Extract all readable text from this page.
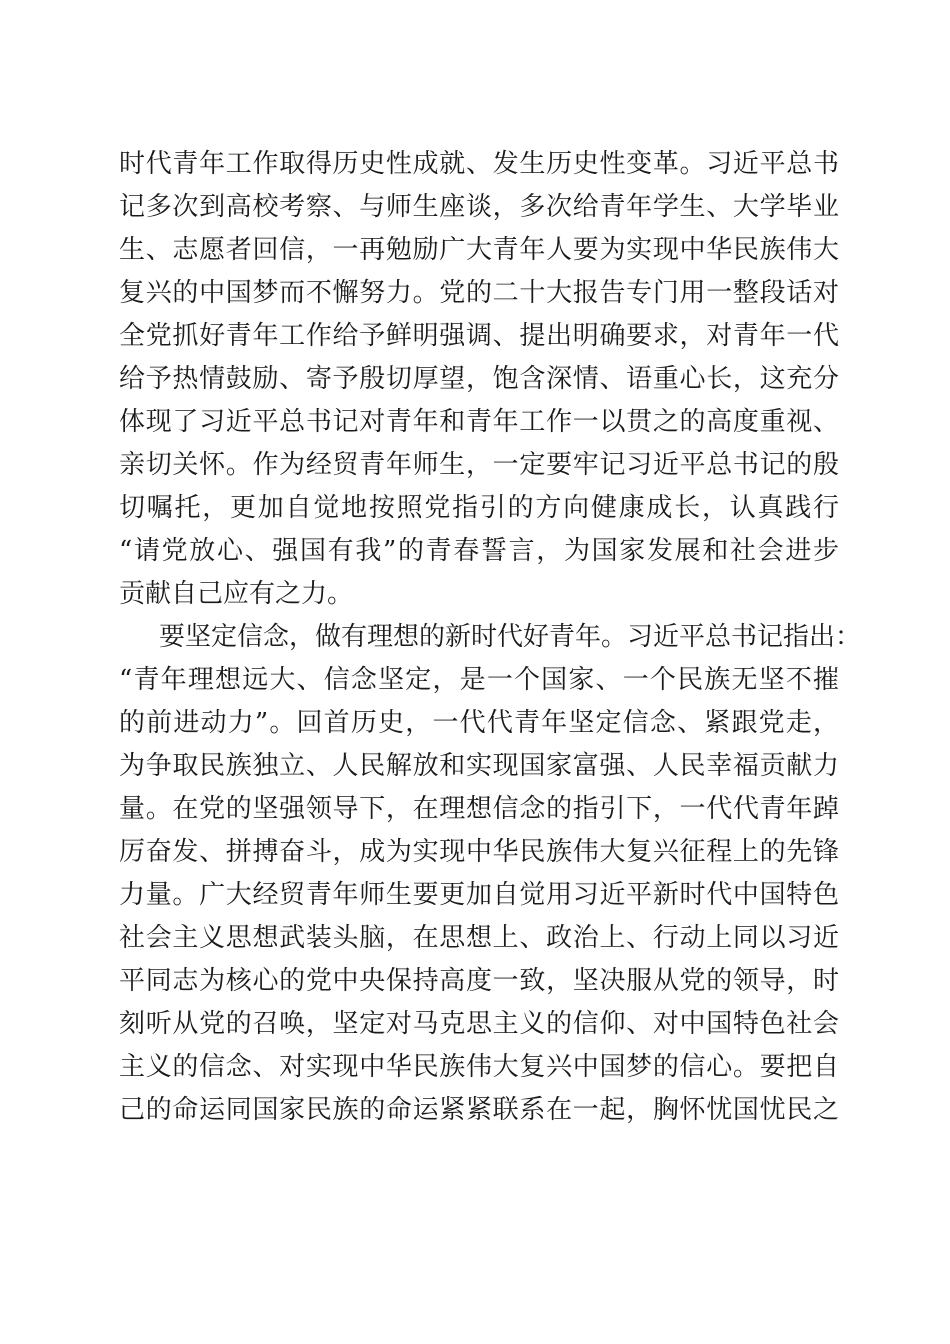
时代青年工作取得历史性成就、发生历史性变革。习近平总书
记多次到高校考察、与师生座谈，多次给青年学生、大学毕业
生、志愿者回信，一再勉励广大青年人要为实现中华民族伟大
复兴的中国梦而不懈努力。党的二十大报告专门用一整段话对
全党抓好青年工作给予鲜明强调、提出明确要求，对青年一代
给予热情鼓励、寄予殷切厚望，饱含深情、语重心长，这充分
体现了习近平总书记对青年和青年工作一以贯之的高度重视、
亲切关怀。作为经贸青年师生，一定要牢记习近平总书记的殷
切嘱托，更加自觉地按照党指引的方向健康成长，认真践行
“请党放心、强国有我”的青春誓言，为国家发展和社会进步
贡献自己应有之力。
要坚定信念，做有理想的新时代好青年。习近平总书记指出：
“青年理想远大、信念坚定，是一个国家、一个民族无坚不摧
的前进动力”。回首历史，一代代青年坚定信念、紧跟党走，
为争取民族独立、人民解放和实现国家富强、人民幸福贡献力
量。在党的坚强领导下，在理想信念的指引下，一代代青年踔
厉奋发、拼搏奋斗，成为实现中华民族伟大复兴征程上的先锋
力量。广大经贸青年师生要更加自觉用习近平新时代中国特色
社会主义思想武装头脑，在思想上、政治上、行动上同以习近
平同志为核心的党中央保持高度一致，坚决服从党的领导，时
刻听从党的召唤，坚定对马克思主义的信仰、对中国特色社会
主义的信念、对实现中华民族伟大复兴中国梦的信心。要把自
己的命运同国家民族的命运紧紧联系在一起，胸怀忧国忧民之
